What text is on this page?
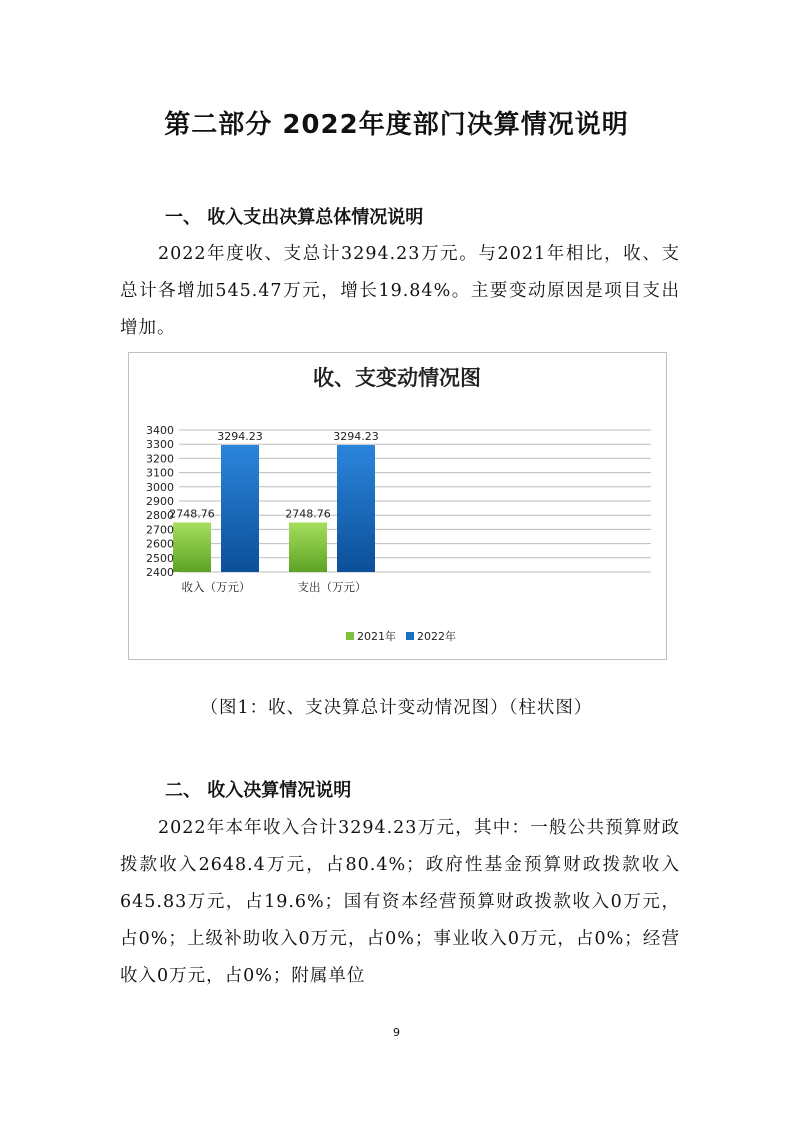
第二部分 2022年度部门决算情况说明
一、 收入支出决算总体情况说明
2022年度收、支总计3294.23万元。与2021年相比，收、支总计各增加545.47万元，增长19.84%。主要变动原因是项目支出增加。
收、支变动情况图
2400
2500
2600
2700
2800
2900
3000
3100
3200
3300
3400
2748.76
3294.23
收入（万元）
2748.76
3294.23
支出（万元）
2021年 2022年
（图1：收、支决算总计变动情况图）（柱状图）
二、 收入决算情况说明
2022年本年收入合计3294.23万元，其中：一般公共预算财政拨款收入2648.4万元，占80.4%；政府性基金预算财政拨款收入645.83万元，占19.6%；国有资本经营预算财政拨款收入0万元，占0%；上级补助收入0万元，占0%；事业收入0万元，占0%；经营收入0万元，占0%；附属单位
9
